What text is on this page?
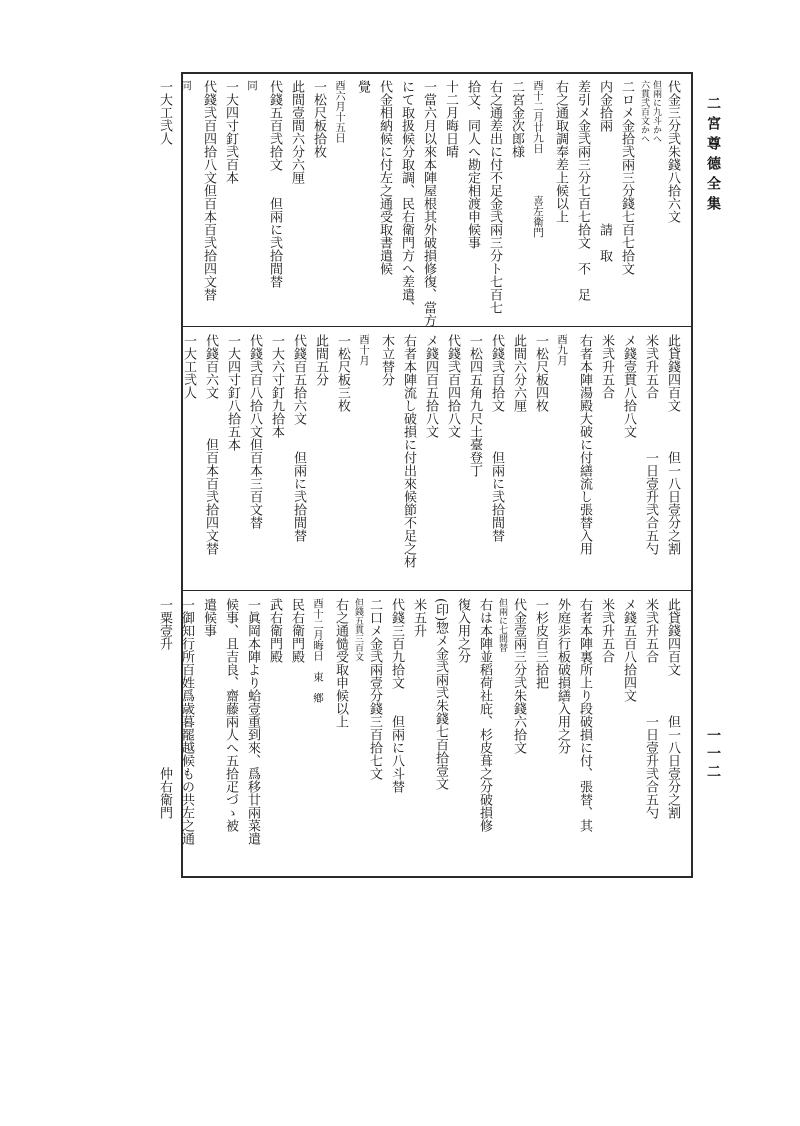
二宮尊德全集
代金三分弐朱錢八拾六文
但兩に九斗かへ
六貫弐百文かへ
二ロメ金拾弐兩三分錢七百七拾文
内金拾兩　　　　　　　請　取
差引メ金弐兩三分七百七拾文　不　足
右之通取調奉差上候以上
酉十二月廿九日　　　　喜左衛門
二宮金次郎様
右之通差出に付不足金弐兩三分ト七百七
拾文、同人へ勘定相渡申候事
十二月晦日晴
一當六月以來本陣屋根其外破損修復、當方
にて取扱候分取調、民右衛門方へ差遣、
代金相納候に付左之通受取書遣候
覺
酉六月十五日
一松尺板拾枚
此間壹間六分六厘
代錢五百弐拾文　　但兩に弐拾間替
同
一大四寸釘弐百本
代錢弐百四拾八文但百本百弐拾四文替
同
一大工弐人
此貸錢四百文　　　但一八日壹分之割
米弐升五合　　　　一日壹升弐合五勺
メ錢壹貫八拾八文
米弐升五合
右者本陣湯殿大破に付繕流し張替入用
酉九月
一松尺板四枚
此間六分六厘
代錢弐百拾文　　　但兩に弐拾間替
一松四五角九尺土臺登丁
代錢弐百四拾八文
メ錢四百五拾八文
右者本陣流し破損に付出來候節不足之材
木立替分
酉十月
一松尺板三枚
此間五分
代錢百五拾六文　　但兩に弐拾間替
一大六寸釘九拾本
代錢弐百八拾八文但百本三百文替
一大四寸釘八拾五本
代錢百六文　　　但百本百弐拾四文替
一大工弐人
此貸錢四百文　　　但一八日壹分之割
米弐升五合　　　　一日壹升弐合五勺
メ錢五百八拾四文
米弐升五合
右者本陣裏所上り段破損に付、張替、其
外庭歩行板破損繕入用之分
一杉皮百三拾把
代金壹兩三分弐朱錢六拾文
但兩に七間替
右は本陣並稻荷社庇、杉皮葺之分破損修
復入用之分
(印)惣メ金弐兩弐朱錢七百拾壹文
米五升
代錢三百九拾文　　但兩に八斗替
二口メ金弐兩壹分錢三百拾七文
但錢五貫三百文
右之通慥受取申候以上
酉十二月晦日　東　鄕
民右衛門殿
武右衛門殿
一眞岡本陣より蛤壹重到來、爲移廿兩菜遣
候事、且吉良、齋藤兩人へ五拾疋づゝ被
遣候事
一御知行所百姓爲歳暮罷越候もの共左之通
一粟壹升　　　　　　　　　仲右衛門	一一二
